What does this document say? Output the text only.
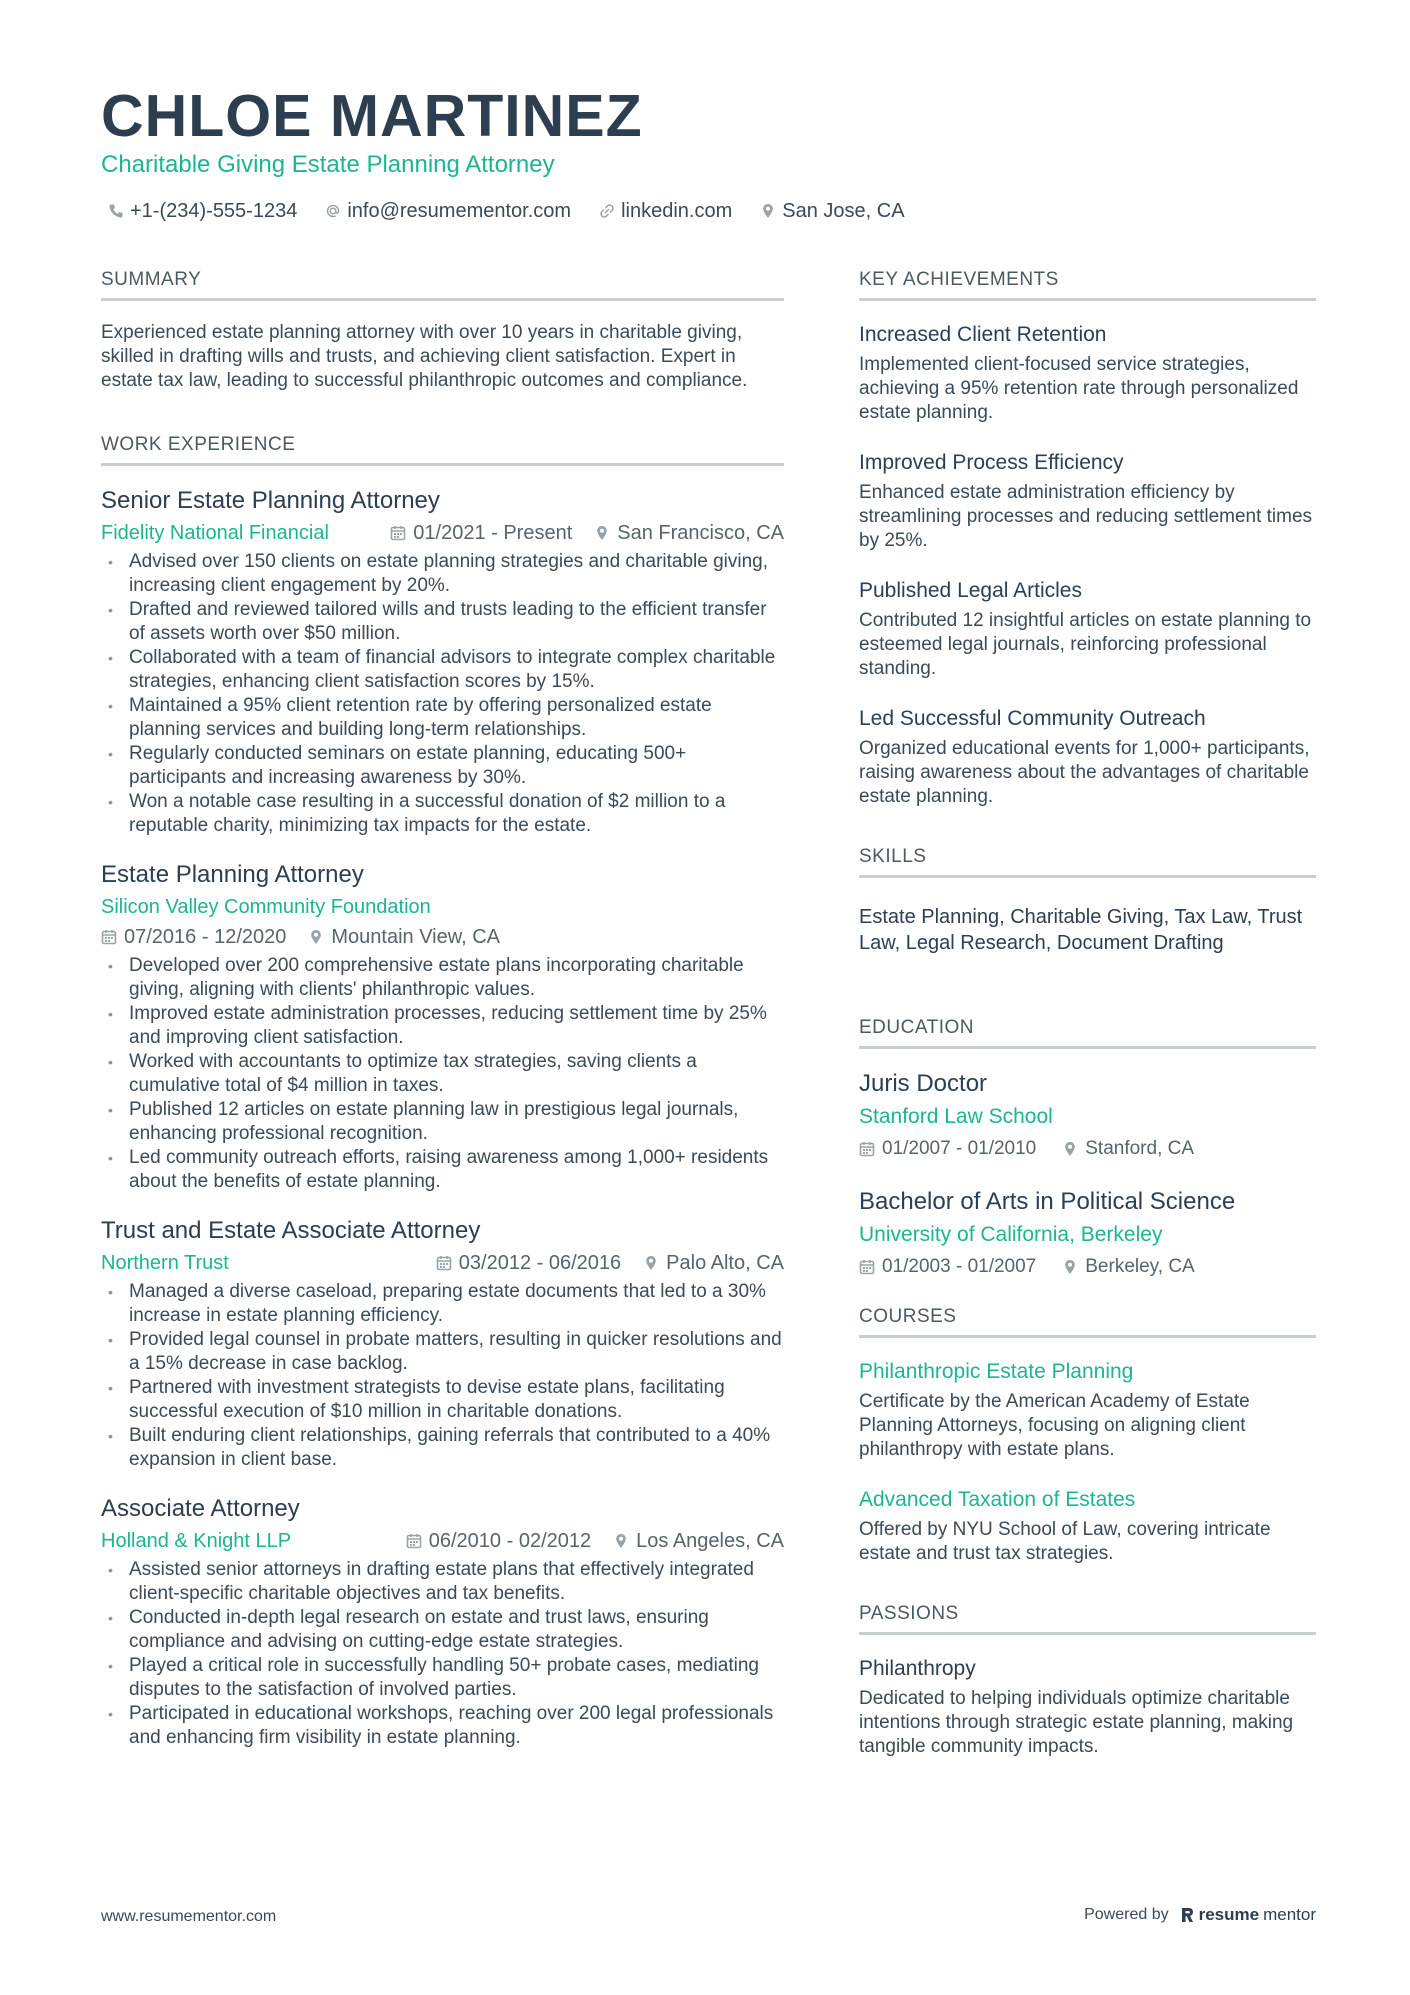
CHLOE MARTINEZ
Charitable Giving Estate Planning Attorney
+1-(234)-555-1234	info@resumementor.com	linkedin.com	San Jose, CA
SUMMARY

Experienced estate planning attorney with over 10 years in charitable giving, skilled in drafting wills and trusts, and achieving client satisfaction. Expert in estate tax law, leading to successful philanthropic outcomes and compliance.

WORK EXPERIENCE
Senior Estate Planning Attorney
Fidelity National Financial	01/2021 - Present San Francisco, CA
• Advised over 150 clients on estate planning strategies and charitable giving, increasing client engagement by 20%.
• Drafted and reviewed tailored wills and trusts leading to the efficient transfer of assets worth over $50 million.
• Collaborated with a team of financial advisors to integrate complex charitable strategies, enhancing client satisfaction scores by 15%.
• Maintained a 95% client retention rate by offering personalized estate planning services and building long-term relationships.
• Regularly conducted seminars on estate planning, educating 500+ participants and increasing awareness by 30%.
• Won a notable case resulting in a successful donation of $2 million to a reputable charity, minimizing tax impacts for the estate.
Estate Planning Attorney
Silicon Valley Community Foundation
07/2016 - 12/2020 Mountain View, CA
• Developed over 200 comprehensive estate plans incorporating charitable giving, aligning with clients' philanthropic values.
• Improved estate administration processes, reducing settlement time by 25% and improving client satisfaction.
• Worked with accountants to optimize tax strategies, saving clients a cumulative total of $4 million in taxes.
• Published 12 articles on estate planning law in prestigious legal journals, enhancing professional recognition.
• Led community outreach efforts, raising awareness among 1,000+ residents about the benefits of estate planning.
Trust and Estate Associate Attorney
Northern Trust	03/2012 - 06/2016 Palo Alto, CA
• Managed a diverse caseload, preparing estate documents that led to a 30% increase in estate planning efficiency.
• Provided legal counsel in probate matters, resulting in quicker resolutions and a 15% decrease in case backlog.
• Partnered with investment strategists to devise estate plans, facilitating successful execution of $10 million in charitable donations.
• Built enduring client relationships, gaining referrals that contributed to a 40% expansion in client base.
Associate Attorney
Holland & Knight LLP	06/2010 - 02/2012 Los Angeles, CA
• Assisted senior attorneys in drafting estate plans that effectively integrated client-specific charitable objectives and tax benefits.
• Conducted in-depth legal research on estate and trust laws, ensuring compliance and advising on cutting-edge estate strategies.
• Played a critical role in successfully handling 50+ probate cases, mediating disputes to the satisfaction of involved parties.
• Participated in educational workshops, reaching over 200 legal professionals and enhancing firm visibility in estate planning.
KEY ACHIEVEMENTS
Increased Client Retention

Implemented client-focused service strategies, achieving a 95% retention rate through personalized estate planning.

Improved Process Efficiency

Enhanced estate administration efficiency by streamlining processes and reducing settlement times by 25%.

Published Legal Articles

Contributed 12 insightful articles on estate planning to esteemed legal journals, reinforcing professional standing.

Led Successful Community Outreach

Organized educational events for 1,000+ participants, raising awareness about the advantages of charitable estate planning.

SKILLS

Estate Planning, Charitable Giving, Tax Law, Trust Law, Legal Research, Document Drafting

EDUCATION
Juris Doctor
Stanford Law School
01/2007 - 01/2010	Stanford, CA
Bachelor of Arts in Political Science
University of California, Berkeley
01/2003 - 01/2007	Berkeley, CA
COURSES
Philanthropic Estate Planning

Certificate by the American Academy of Estate Planning Attorneys, focusing on aligning client philanthropy with estate plans.

Advanced Taxation of Estates

Offered by NYU School of Law, covering intricate estate and trust tax strategies.

PASSIONS
Philanthropy

Dedicated to helping individuals optimize charitable intentions through strategic estate planning, making tangible community impacts.

www.resumementor.com	Powered by resume mentor
